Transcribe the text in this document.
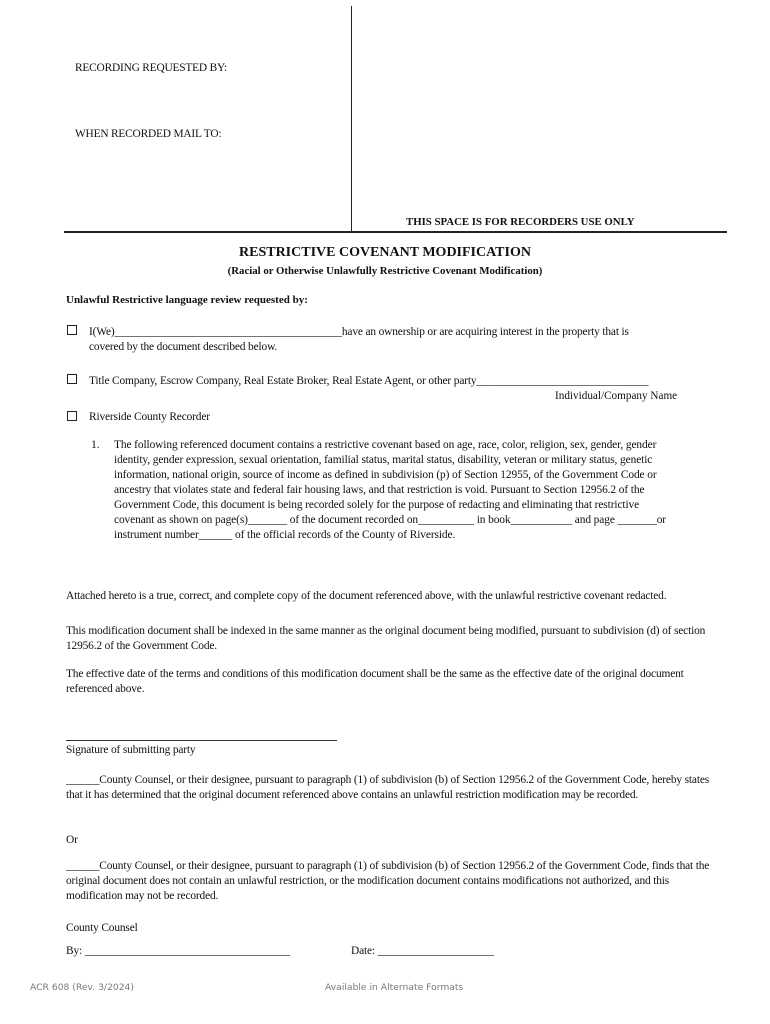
RECORDING REQUESTED BY:
WHEN RECORDED MAIL TO:
THIS SPACE IS FOR RECORDERS USE ONLY
RESTRICTIVE COVENANT MODIFICATION
(Racial or Otherwise Unlawfully Restrictive Covenant Modification)
Unlawful Restrictive language review requested by:
I(We)_________________________________________have an ownership or are acquiring interest in the property that is
covered by the document described below.
Title Company, Escrow Company, Real Estate Broker, Real Estate Agent, or other party_______________________________
Individual/Company Name
Riverside County Recorder
1. The following referenced document contains a restrictive covenant based on age, race, color, religion, sex, gender, gender identity, gender expression, sexual orientation, familial status, marital status, disability, veteran or military status, genetic information, national origin, source of income as defined in subdivision (p) of Section 12955, of the Government Code or ancestry that violates state and federal fair housing laws, and that restriction is void. Pursuant to Section 12956.2 of the Government Code, this document is being recorded solely for the purpose of redacting and eliminating that restrictive covenant as shown on page(s)_______ of the document recorded on__________ in book___________ and page _______or instrument number______ of the official records of the County of Riverside.
Attached hereto is a true, correct, and complete copy of the document referenced above, with the unlawful restrictive covenant redacted.
This modification document shall be indexed in the same manner as the original document being modified, pursuant to subdivision (d) of section 12956.2 of the Government Code.
The effective date of the terms and conditions of this modification document shall be the same as the effective date of the original document referenced above.
Signature of submitting party
______County Counsel, or their designee, pursuant to paragraph (1) of subdivision (b) of Section 12956.2 of the Government Code, hereby states that it has determined that the original document referenced above contains an unlawful restriction modification may be recorded.
Or
______County Counsel, or their designee, pursuant to paragraph (1) of subdivision (b) of Section 12956.2 of the Government Code, finds that the original document does not contain an unlawful restriction, or the modification document contains modifications not authorized, and this modification may not be recorded.
County Counsel
By: _____________________________________	Date: _____________________
ACR 608 (Rev. 3/2024)	Available in Alternate Formats
